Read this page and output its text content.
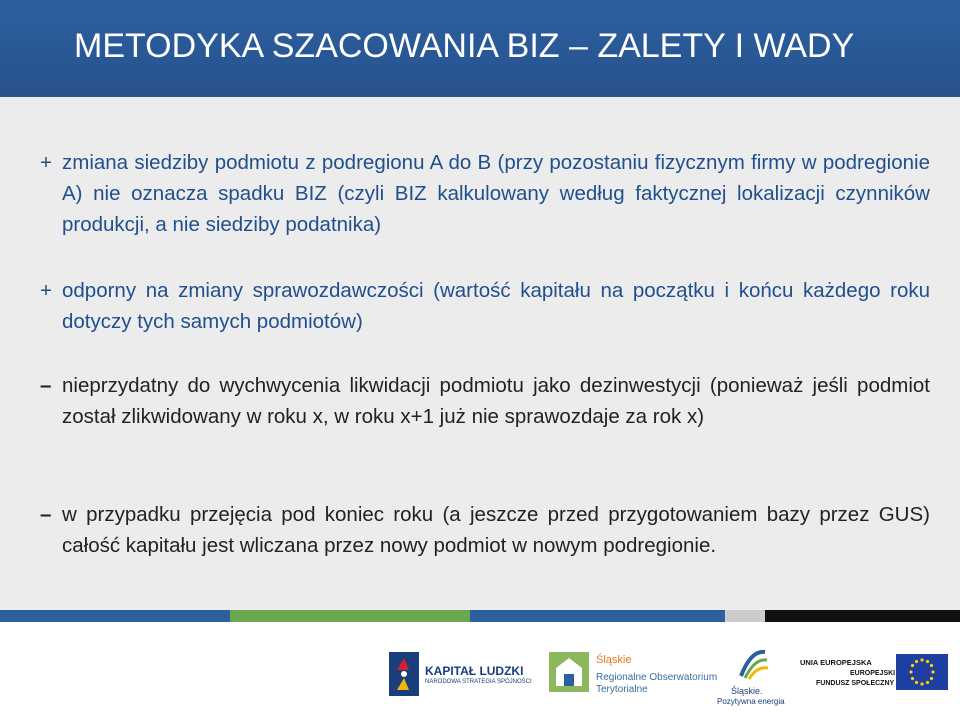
METODYKA SZACOWANIA BIZ – ZALETY I WADY
+ zmiana siedziby podmiotu z podregionu A do B (przy pozostaniu fizycznym firmy w podregionie A) nie oznacza spadku BIZ (czyli BIZ kalkulowany według faktycznej lokalizacji czynników produkcji, a nie siedziby podatnika)
+ odporny na zmiany sprawozdawczości (wartość kapitału na początku i końcu każdego roku dotyczy tych samych podmiotów)
– nieprzydatny do wychwycenia likwidacji podmiotu jako dezinwestycji (ponieważ jeśli podmiot został zlikwidowany w roku x, w roku x+1 już nie sprawozdaje za rok x)
– w przypadku przejęcia pod koniec roku (a jeszcze przed przygotowaniem bazy przez GUS) całość kapitału jest wliczana przez nowy podmiot w nowym podregionie.
KAPITAŁ LUDZKI
NARODOWA STRATEGIA SPÓJNOŚCI
Śląskie
Regionalne Obserwatorium
Terytorialne	Śląskie.
Pozytywna energia
UNIA EUROPEJSKA
EUROPEJSKI
FUNDUSZ SPOŁECZNY
